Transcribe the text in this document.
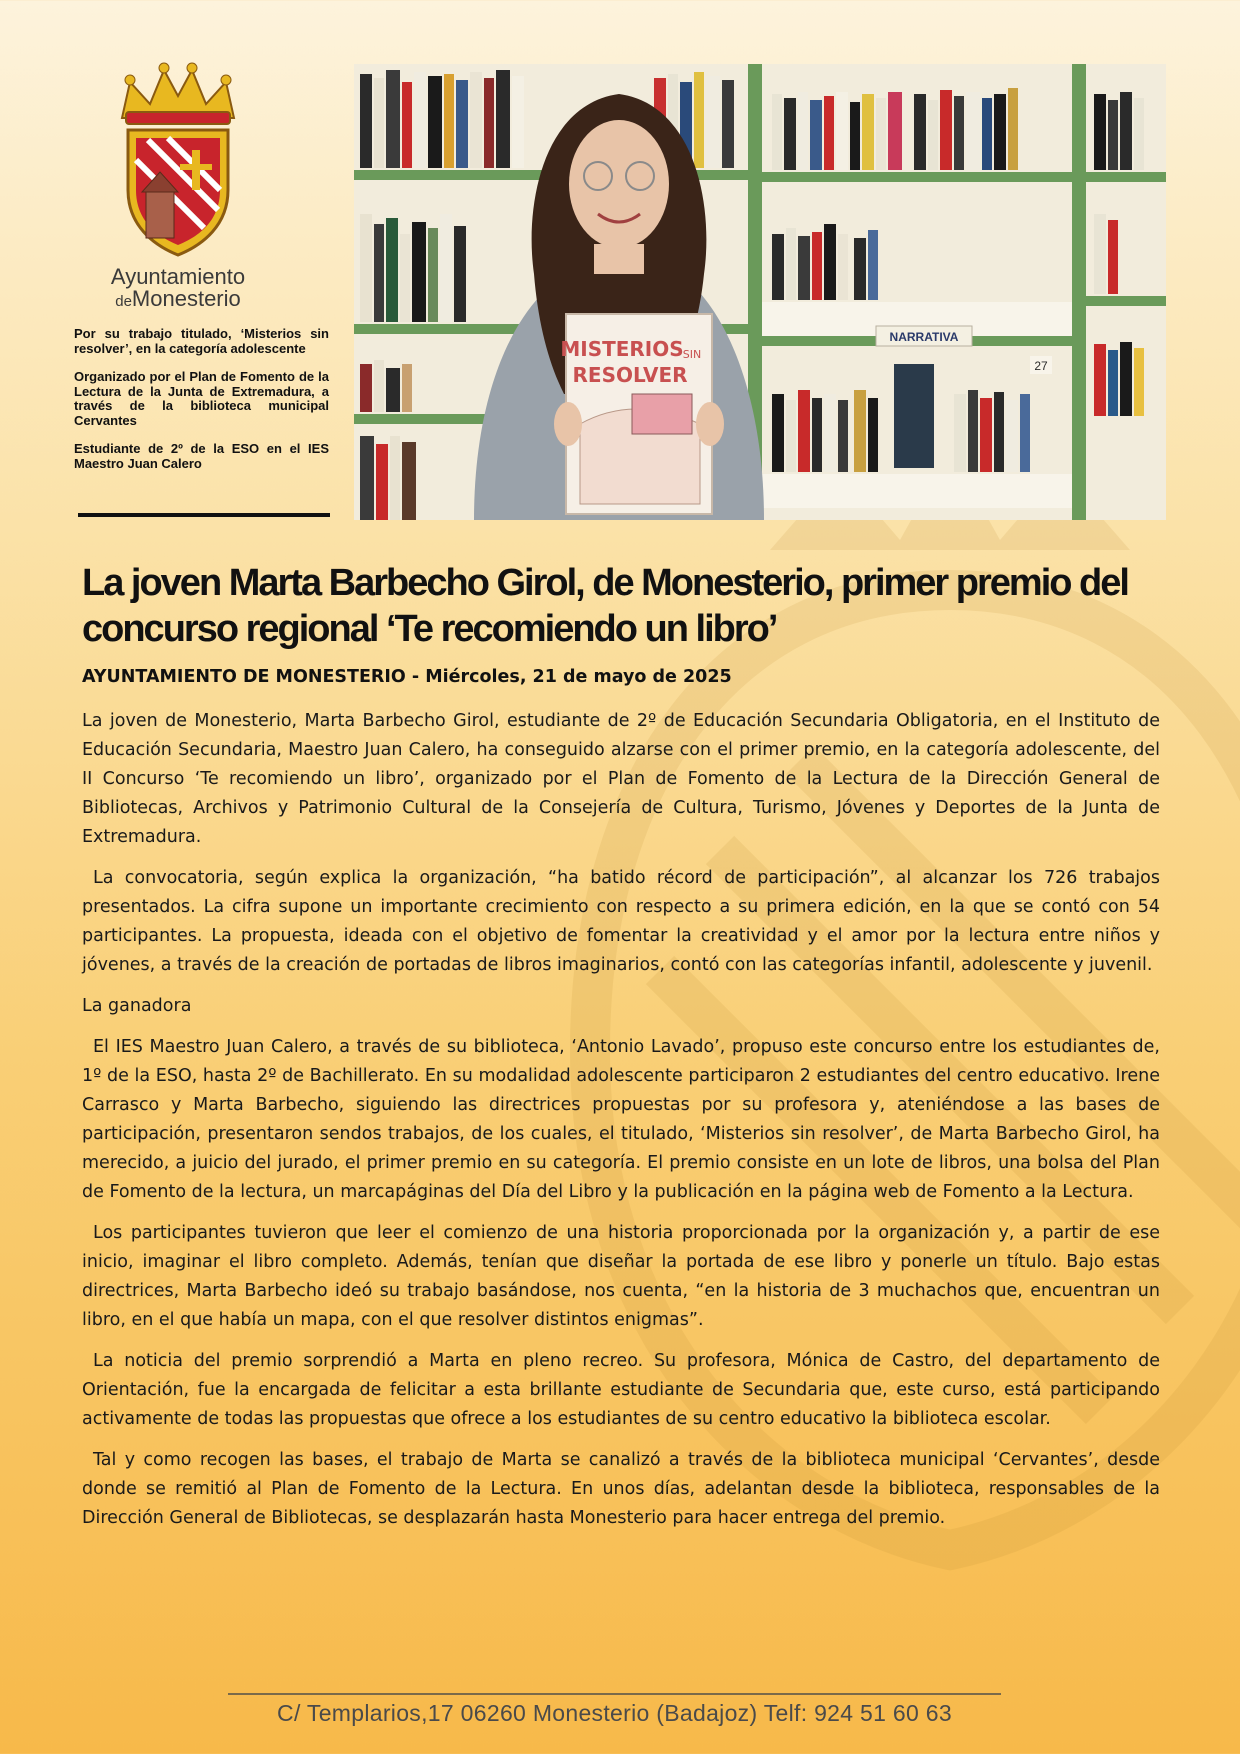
Ayuntamiento
deMonesterio

Por su trabajo titulado, ‘Misterios sin resolver’, en la categoría adolescente

Organizado por el Plan de Fomento de la Lectura de la Junta de Extremadura, a través de la biblioteca municipal Cervantes

Estudiante de 2º de la ESO en el IES Maestro Juan Calero

NARRATIVA
27
MISTERIOS SIN
RESOLVER
La joven Marta Barbecho Girol, de Monesterio, primer premio del concurso regional ‘Te recomiendo un libro’
AYUNTAMIENTO DE MONESTERIO - Miércoles, 21 de mayo de 2025

La joven de Monesterio, Marta Barbecho Girol, estudiante de 2º de Educación Secundaria Obligatoria, en el Instituto de Educación Secundaria, Maestro Juan Calero, ha conseguido alzarse con el primer premio, en la categoría adolescente, del II Concurso ‘Te recomiendo un libro’, organizado por el Plan de Fomento de la Lectura de la Dirección General de Bibliotecas, Archivos y Patrimonio Cultural de la Consejería de Cultura, Turismo, Jóvenes y Deportes de la Junta de Extremadura.

La convocatoria, según explica la organización, “ha batido récord de participación”, al alcanzar los 726 trabajos presentados. La cifra supone un importante crecimiento con respecto a su primera edición, en la que se contó con 54 participantes. La propuesta, ideada con el objetivo de fomentar la creatividad y el amor por la lectura entre niños y jóvenes, a través de la creación de portadas de libros imaginarios, contó con las categorías infantil, adolescente y juvenil.

La ganadora

El IES Maestro Juan Calero, a través de su biblioteca, ‘Antonio Lavado’, propuso este concurso entre los estudiantes de, 1º de la ESO, hasta 2º de Bachillerato. En su modalidad adolescente participaron 2 estudiantes del centro educativo. Irene Carrasco y Marta Barbecho, siguiendo las directrices propuestas por su profesora y, ateniéndose a las bases de participación, presentaron sendos trabajos, de los cuales, el titulado, ‘Misterios sin resolver’, de Marta Barbecho Girol, ha merecido, a juicio del jurado, el primer premio en su categoría. El premio consiste en un lote de libros, una bolsa del Plan de Fomento de la lectura, un marcapáginas del Día del Libro y la publicación en la página web de Fomento a la Lectura.

Los participantes tuvieron que leer el comienzo de una historia proporcionada por la organización y, a partir de ese inicio, imaginar el libro completo. Además, tenían que diseñar la portada de ese libro y ponerle un título. Bajo estas directrices, Marta Barbecho ideó su trabajo basándose, nos cuenta, “en la historia de 3 muchachos que, encuentran un libro, en el que había un mapa, con el que resolver distintos enigmas”.

La noticia del premio sorprendió a Marta en pleno recreo. Su profesora, Mónica de Castro, del departamento de Orientación, fue la encargada de felicitar a esta brillante estudiante de Secundaria que, este curso, está participando activamente de todas las propuestas que ofrece a los estudiantes de su centro educativo la biblioteca escolar.

Tal y como recogen las bases, el trabajo de Marta se canalizó a través de la biblioteca municipal ‘Cervantes’, desde donde se remitió al Plan de Fomento de la Lectura. En unos días, adelantan desde la biblioteca, responsables de la Dirección General de Bibliotecas, se desplazarán hasta Monesterio para hacer entrega del premio.

C/ Templarios,17 06260 Monesterio (Badajoz) Telf: 924 51 60 63
